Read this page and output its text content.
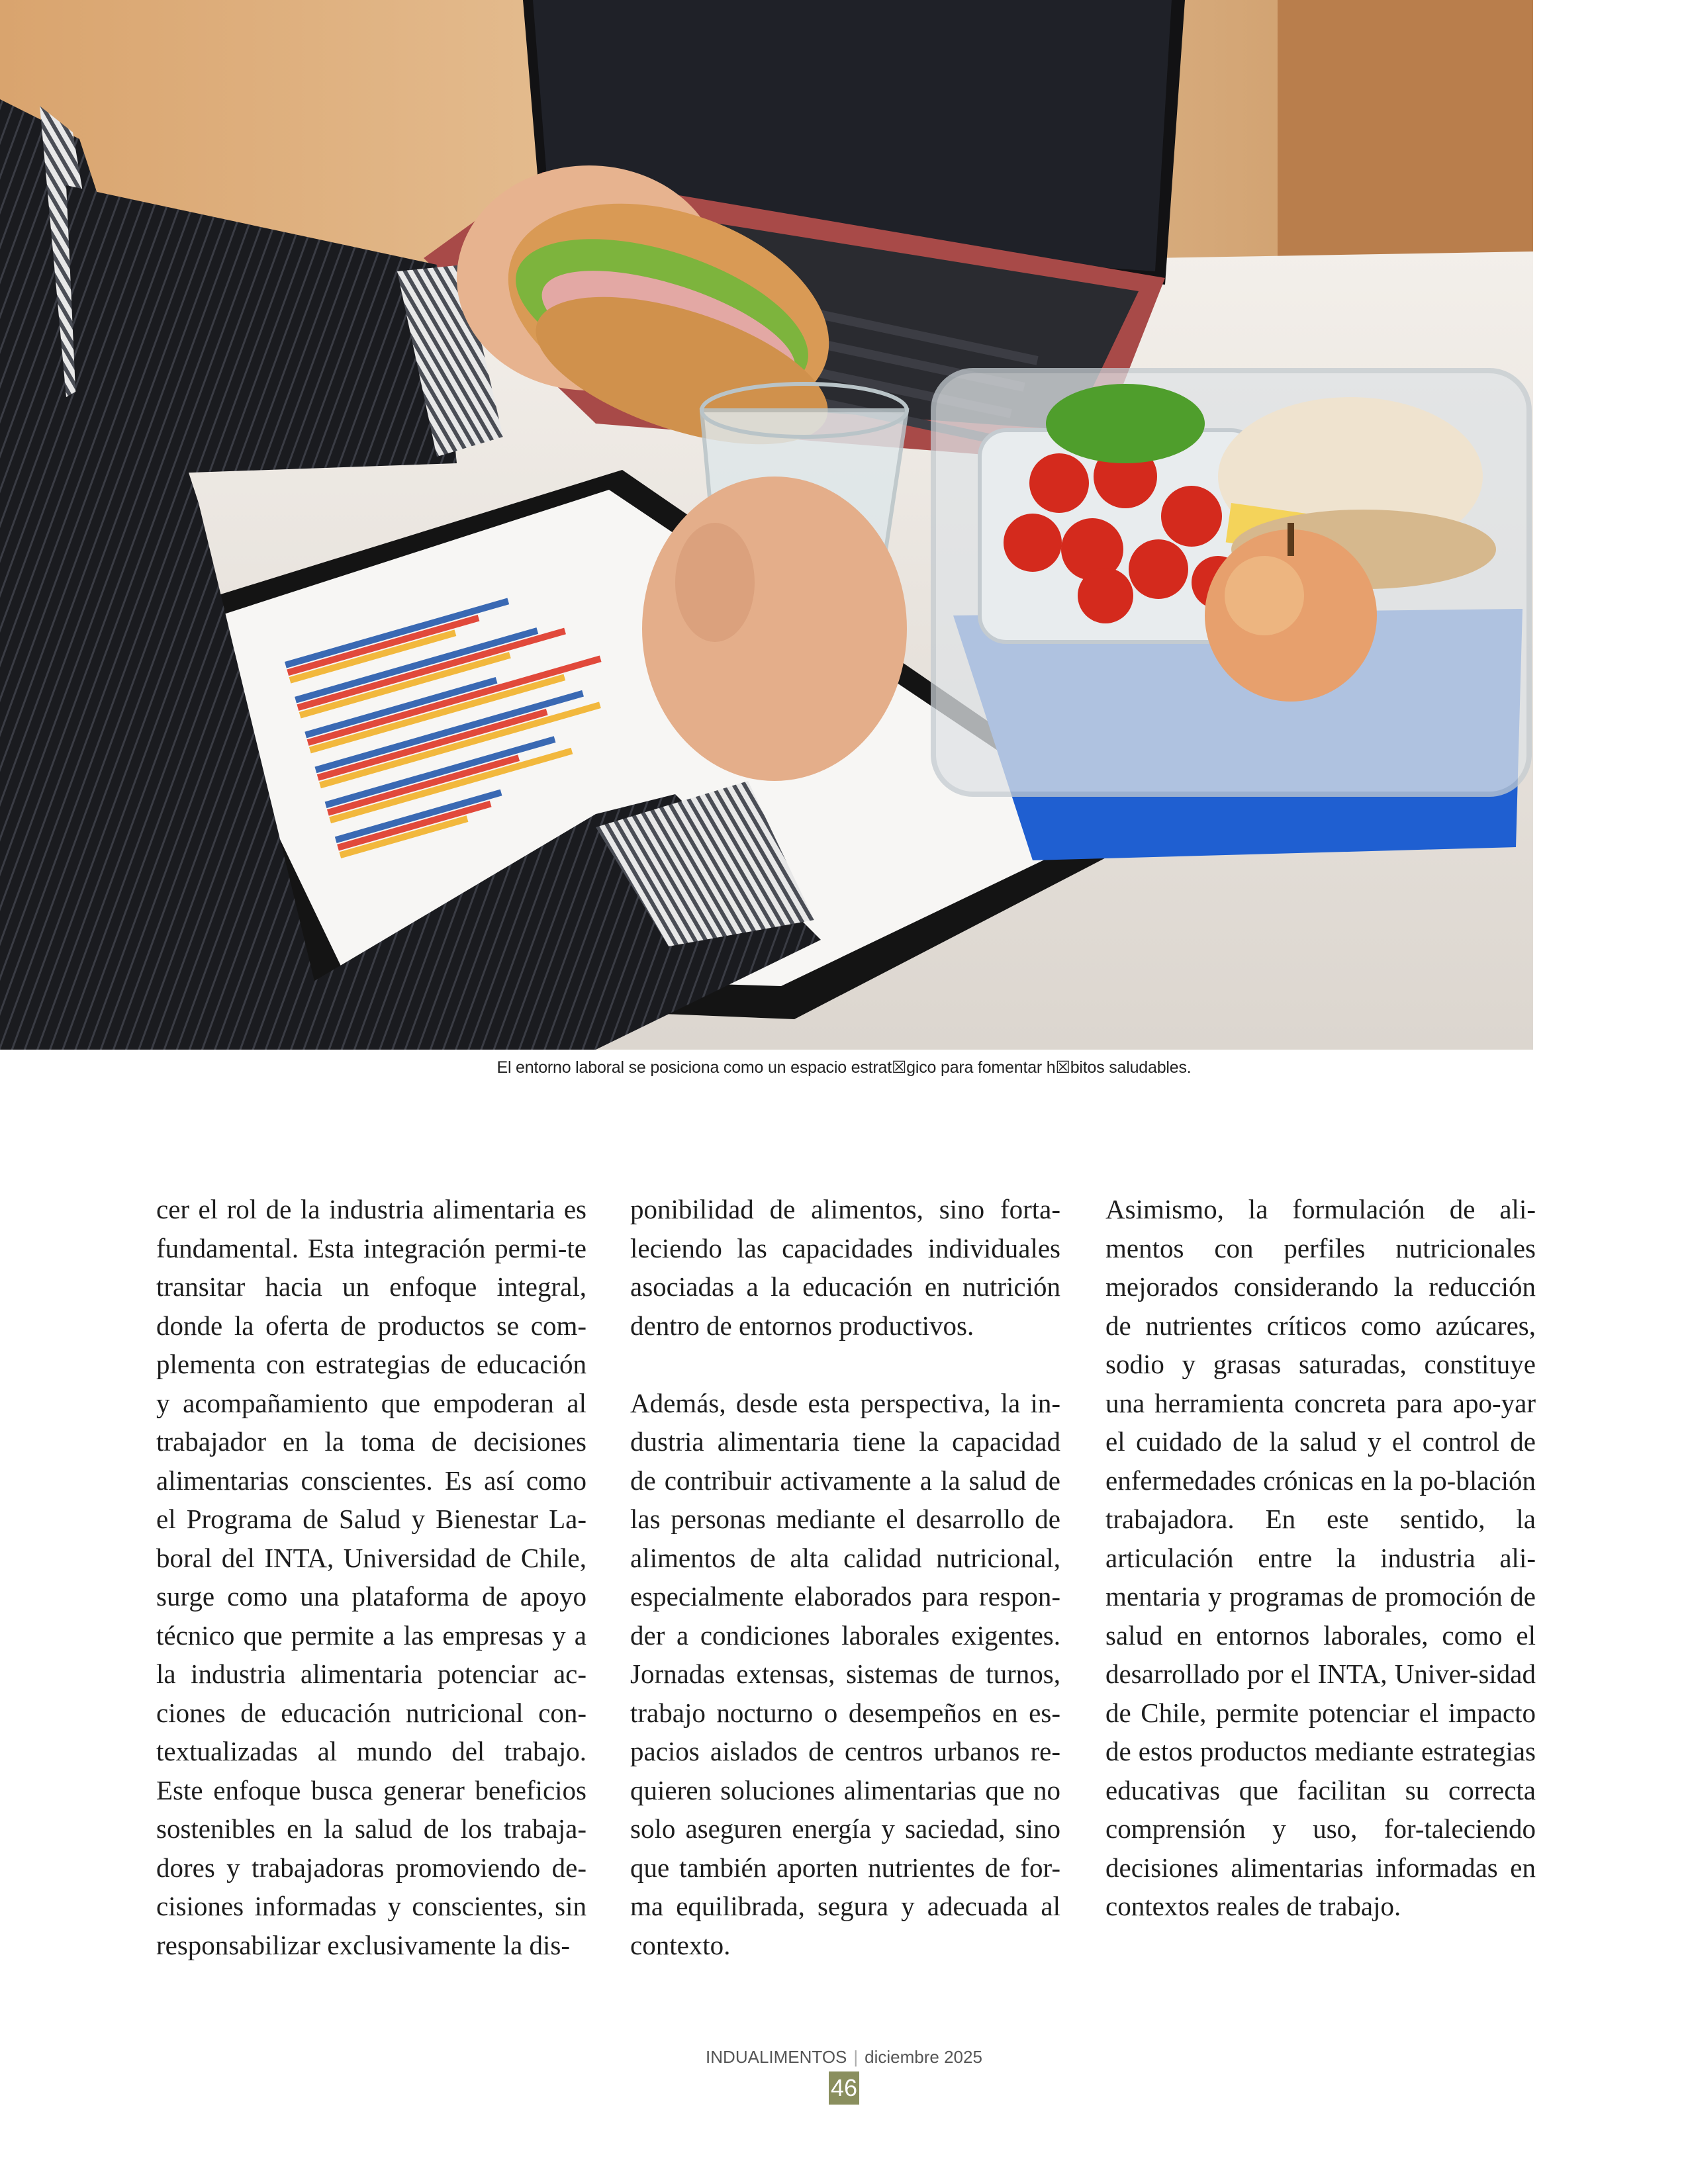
El entorno laboral se posiciona como un espacio estrat☒gico para fomentar h☒bitos saludables.

cer el rol de la industria alimentaria es fundamental. Esta integración permi-te transitar hacia un enfoque integral, donde la oferta de productos se com-plementa con estrategias de educación y acompañamiento que empoderan al trabajador en la toma de decisiones alimentarias conscientes. Es así como el Programa de Salud y Bienestar La-boral del INTA, Universidad de Chile, surge como una plataforma de apoyo técnico que permite a las empresas y a la industria alimentaria potenciar ac-ciones de educación nutricional con-textualizadas al mundo del trabajo. Este enfoque busca generar beneficios sostenibles en la salud de los trabaja-dores y trabajadoras promoviendo de-cisiones informadas y conscientes, sin responsabilizar exclusivamente la dis-

ponibilidad de alimentos, sino forta-leciendo las capacidades individuales asociadas a la educación en nutrición dentro de entornos productivos.

Además, desde esta perspectiva, la in-dustria alimentaria tiene la capacidad de contribuir activamente a la salud de las personas mediante el desarrollo de alimentos de alta calidad nutricional, especialmente elaborados para respon-der a condiciones laborales exigentes. Jornadas extensas, sistemas de turnos, trabajo nocturno o desempeños en es-pacios aislados de centros urbanos re-quieren soluciones alimentarias que no solo aseguren energía y saciedad, sino que también aporten nutrientes de for-ma equilibrada, segura y adecuada al contexto.

Asimismo, la formulación de ali-mentos con perfiles nutricionales mejorados considerando la reducción de nutrientes críticos como azúcares, sodio y grasas saturadas, constituye una herramienta concreta para apo-yar el cuidado de la salud y el control de enfermedades crónicas en la po-blación trabajadora. En este sentido, la articulación entre la industria ali-mentaria y programas de promoción de salud en entornos laborales, como el desarrollado por el INTA, Univer-sidad de Chile, permite potenciar el impacto de estos productos mediante estrategias educativas que facilitan su correcta comprensión y uso, for-taleciendo decisiones alimentarias informadas en contextos reales de trabajo.

INDUALIMENTOS | diciembre 2025
46
